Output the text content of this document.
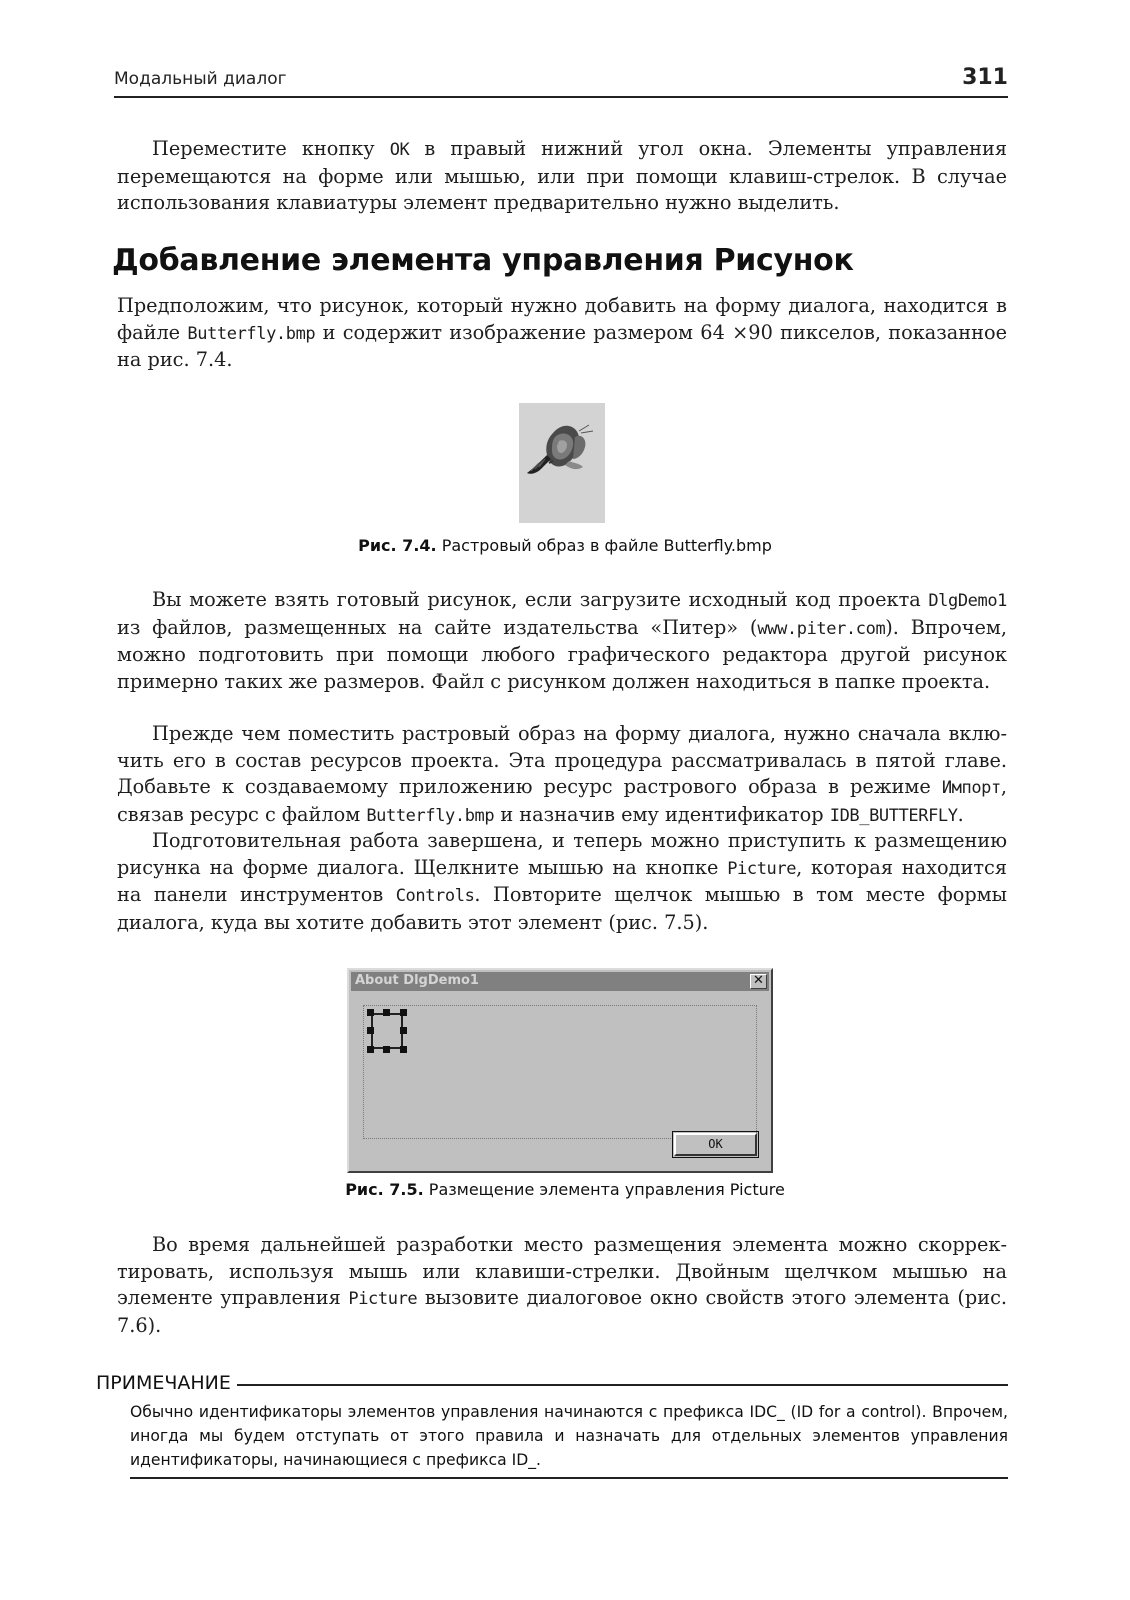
Модальный диалог	311

Переместите кнопку OK в правый нижний угол окна. Элементы управления перемещаются на форме или мышью, или при помощи клавиш-стрелок. В случае использования клавиатуры элемент предварительно нужно выделить.

Добавление элемента управления Рисунок

Предположим, что рисунок, который нужно добавить на форму диалога, находится в файле Butterfly.bmp и содержит изображение размером 64 ×90 пикселов, показанное на рис. 7.4.

Рис. 7.4. Растровый образ в файле Butterfly.bmp

Вы можете взять готовый рисунок, если загрузите исходный код проекта DlgDemo1 из файлов, размещенных на сайте издательства «Питер» (www.piter.com). Впрочем, можно подготовить при помощи любого графического редактора другой рисунок примерно таких же размеров. Файл с рисунком должен находиться в папке проекта.

Прежде чем поместить растровый образ на форму диалога, нужно сначала включить его в состав ресурсов проекта. Эта процедура рассматривалась в пятой главе. Добавьте к создаваемому приложению ресурс растрового образа в режиме Импорт, связав ресурс с файлом Butterfly.bmp и назначив ему идентификатор IDB_BUTTERFLY.

Подготовительная работа завершена, и теперь можно приступить к размещению рисунка на форме диалога. Щелкните мышью на кнопке Picture, которая находится на панели инструментов Controls. Повторите щелчок мышью в том месте формы диалога, куда вы хотите добавить этот элемент (рис. 7.5).

About DlgDemo1	✕
OK
Рис. 7.5. Размещение элемента управления Picture

Во время дальнейшей разработки место размещения элемента можно скорректировать, используя мышь или клавиши-стрелки. Двойным щелчком мышью на элементе управления Picture вызовите диалоговое окно свойств этого элемента (рис. 7.6).

ПРИМЕЧАНИЕ

Обычно идентификаторы элементов управления начинаются с префикса IDC_ (ID for a control). Впрочем, иногда мы будем отступать от этого правила и назначать для отдельных элементов управления идентификаторы, начинающиеся с префикса ID_.
